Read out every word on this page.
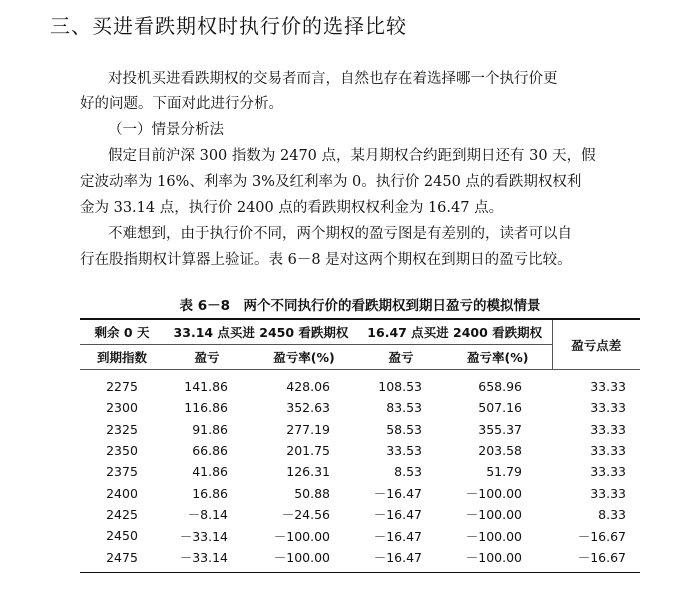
三、买进看跌期权时执行价的选择比较
对投机买进看跌期权的交易者而言，自然也存在着选择哪一个执行价更
好的问题。下面对此进行分析。
（一）情景分析法
假定目前沪深 300 指数为 2470 点，某月期权合约距到期日还有 30 天，假
定波动率为 16%、利率为 3%及红利率为 0。执行价 2450 点的看跌期权权利
金为 33.14 点，执行价 2400 点的看跌期权权利金为 16.47 点。
不难想到，由于执行价不同，两个期权的盈亏图是有差别的，读者可以自
行在股指期权计算器上验证。表 6－8 是对这两个期权在到期日的盈亏比较。
表 6－8　两个不同执行价的看跌期权到期日盈亏的模拟情景
剩余 0 天	33.14 点买进 2450 看跌期权		16.47 点买进 2400 看跌期权		盈亏点差
到期指数	盈亏	盈亏率(%)	盈亏	盈亏率(%)	
2275	141.86	428.06	108.53	658.96	33.33
2300	116.86	352.63	83.53	507.16	33.33
2325	91.86	277.19	58.53	355.37	33.33
2350	66.86	201.75	33.53	203.58	33.33
2375	41.86	126.31	8.53	51.79	33.33
2400	16.86	50.88	－16.47	－100.00	33.33
2425	－8.14	－24.56	－16.47	－100.00	8.33
2450	－33.14	－100.00	－16.47	－100.00	－16.67
2475	－33.14	－100.00	－16.47	－100.00	－16.67
